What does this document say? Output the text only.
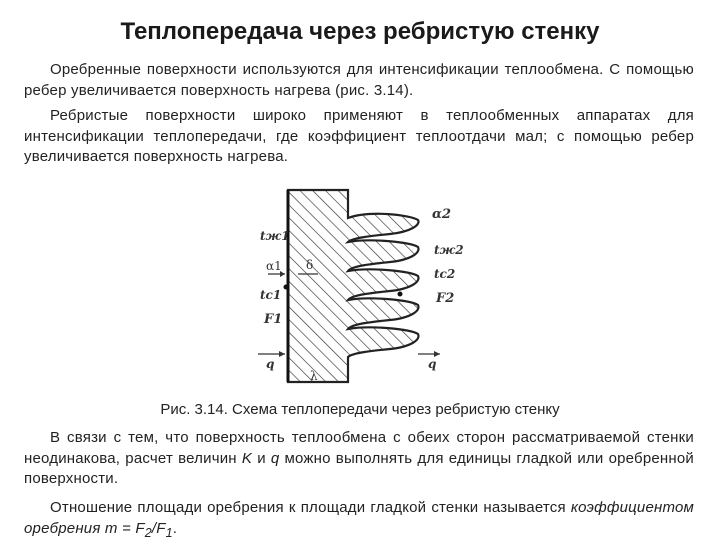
Теплопередача через ребристую стенку

Оребренные поверхности используются для интенсификации теплообмена. С помощью ребер увеличивается поверхность нагрева (рис. 3.14).

Ребристые поверхности широко применяют в теплообменных аппаратах для интенсификации теплопередачи, где коэффициент теплоотдачи мал; с помощью ребер увеличивается поверхность нагрева.

tж1
α1
tc1
F1
q
δ
λ
α2
tж2
tc2
F2
q
Рис. 3.14. Схема теплопередачи через ребристую стенку

В связи с тем, что поверхность теплообмена с обеих сторон рассматриваемой стенки неодинакова, расчет величин K и q можно выполнять для единицы гладкой или оребренной поверхности.

Отношение площади оребрения к площади гладкой стенки называется коэффициентом оребрения $m = F_2/F_1$.
